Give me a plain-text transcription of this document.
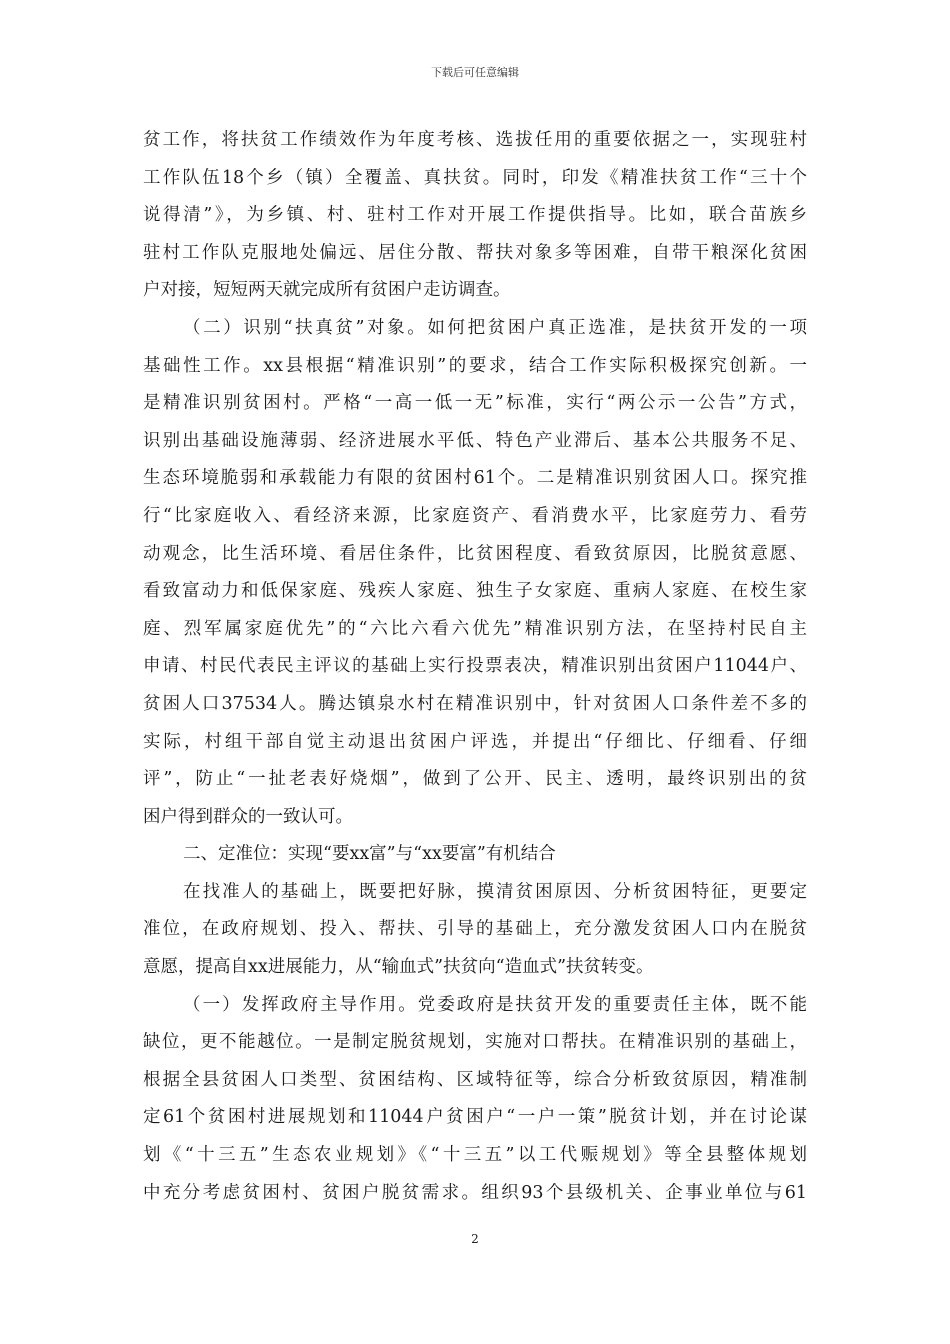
下载后可任意编辑
贫工作，将扶贫工作绩效作为年度考核、选拔任用的重要依据之一，实现驻村
工作队伍18个乡（镇）全覆盖、真扶贫。同时，印发《精准扶贫工作“三十个
说得清”》，为乡镇、村、驻村工作对开展工作提供指导。比如，联合苗族乡
驻村工作队克服地处偏远、居住分散、帮扶对象多等困难，自带干粮深化贫困
户对接，短短两天就完成所有贫困户走访调查。
（二）识别“扶真贫”对象。如何把贫困户真正选准，是扶贫开发的一项
基础性工作。xx县根据“精准识别”的要求，结合工作实际积极探究创新。一
是精准识别贫困村。严格“一高一低一无”标准，实行“两公示一公告”方式，
识别出基础设施薄弱、经济进展水平低、特色产业滞后、基本公共服务不足、
生态环境脆弱和承载能力有限的贫困村61个。二是精准识别贫困人口。探究推
行“比家庭收入、看经济来源，比家庭资产、看消费水平，比家庭劳力、看劳
动观念，比生活环境、看居住条件，比贫困程度、看致贫原因，比脱贫意愿、
看致富动力和低保家庭、残疾人家庭、独生子女家庭、重病人家庭、在校生家
庭、烈军属家庭优先”的“六比六看六优先”精准识别方法，在坚持村民自主
申请、村民代表民主评议的基础上实行投票表决，精准识别出贫困户11044户、
贫困人口37534人。腾达镇泉水村在精准识别中，针对贫困人口条件差不多的
实际，村组干部自觉主动退出贫困户评选，并提出“仔细比、仔细看、仔细
评”，防止“一扯老表好烧烟”，做到了公开、民主、透明，最终识别出的贫
困户得到群众的一致认可。
二、定准位：实现“要xx富”与“xx要富”有机结合
在找准人的基础上，既要把好脉，摸清贫困原因、分析贫困特征，更要定
准位，在政府规划、投入、帮扶、引导的基础上，充分激发贫困人口内在脱贫
意愿，提高自xx进展能力，从“输血式”扶贫向“造血式”扶贫转变。
（一）发挥政府主导作用。党委政府是扶贫开发的重要责任主体，既不能
缺位，更不能越位。一是制定脱贫规划，实施对口帮扶。在精准识别的基础上，
根据全县贫困人口类型、贫困结构、区域特征等，综合分析致贫原因，精准制
定61个贫困村进展规划和11044户贫困户“一户一策”脱贫计划，并在讨论谋
划《“十三五”生态农业规划》《“十三五”以工代赈规划》等全县整体规划
中充分考虑贫困村、贫困户脱贫需求。组织93个县级机关、企事业单位与61
2
